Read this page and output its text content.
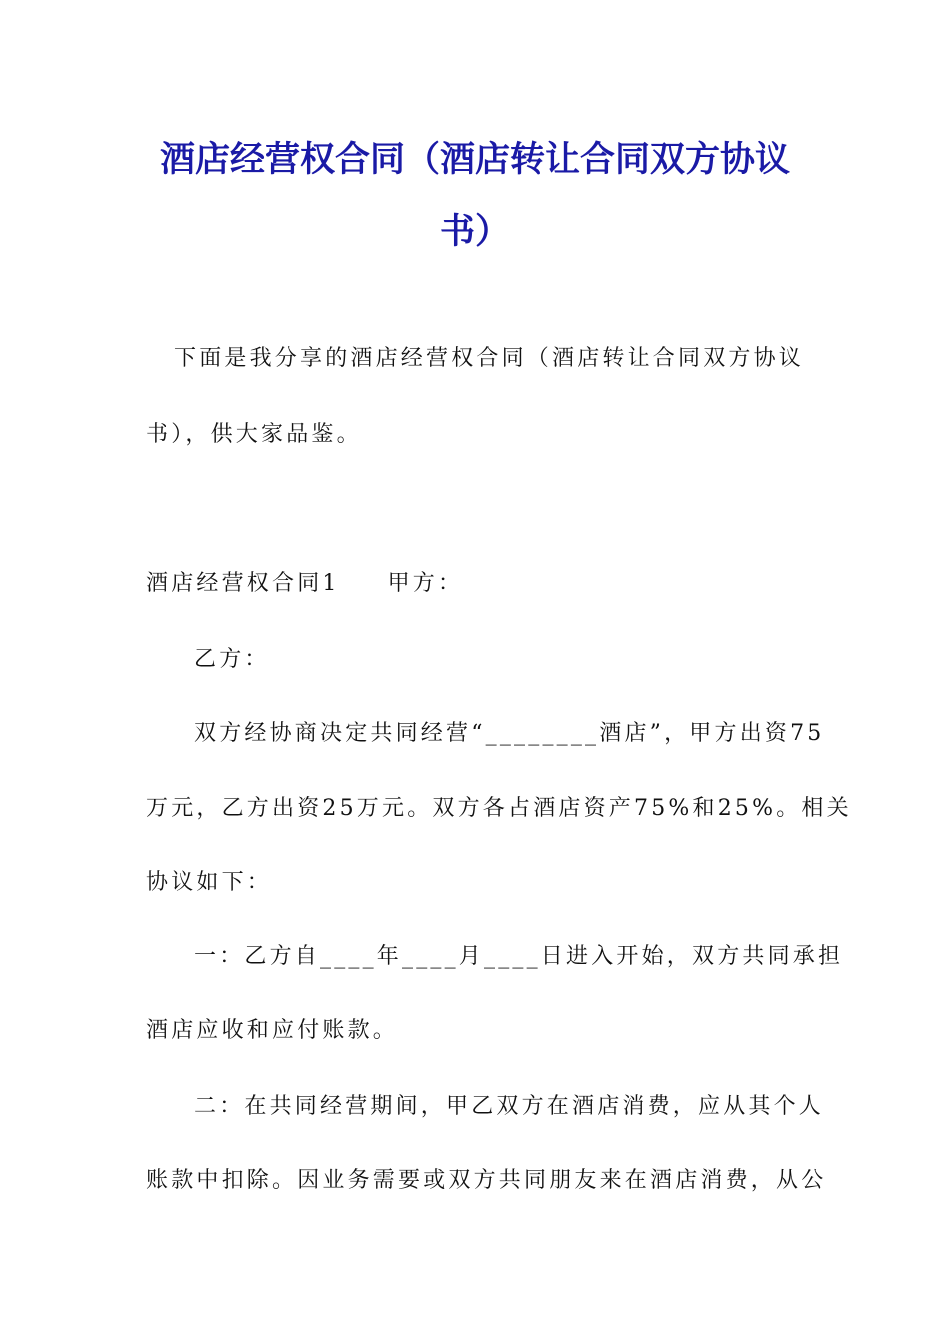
酒店经营权合同（酒店转让合同双方协议
书）
下面是我分享的酒店经营权合同（酒店转让合同双方协议
书），供大家品鉴。
酒店经营权合同1 甲方：
乙方：
双方经协商决定共同经营“________酒店”，甲方出资75
万元，乙方出资25万元。双方各占酒店资产75%和25%。相关
协议如下：
一：乙方自____年____月____日进入开始，双方共同承担
酒店应收和应付账款。
二：在共同经营期间，甲乙双方在酒店消费，应从其个人
账款中扣除。因业务需要或双方共同朋友来在酒店消费，从公
